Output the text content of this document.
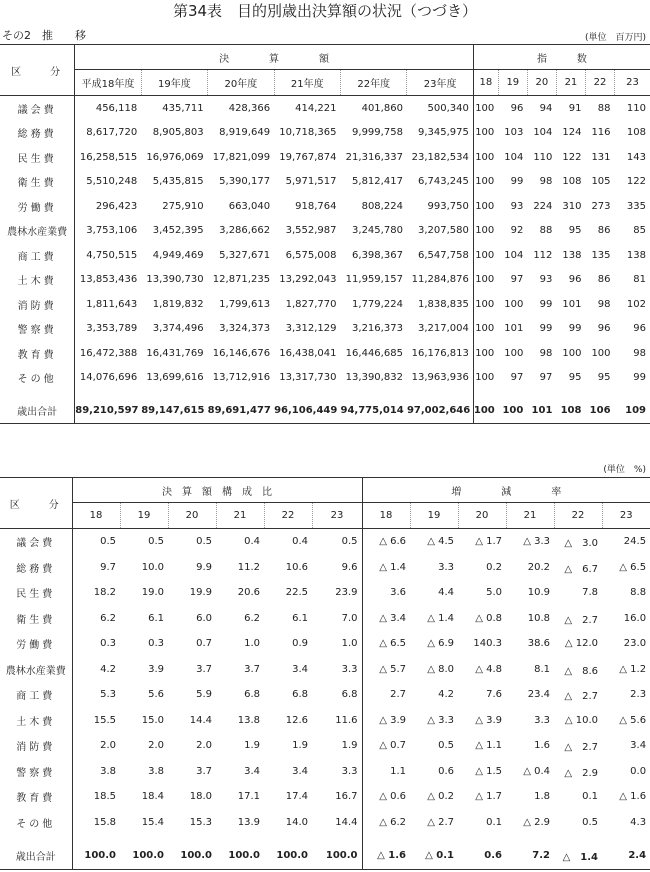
第34表　目的別歳出決算額の状況（つづき）
その2　推　　移	(単位　百万円)
区　　分	決　　　　算　　　　額						指　　　数					
	平成18年度	19年度	20年度	21年度	22年度	23年度	18	19	20	21	22	23
議会費	456,118	435,711	428,366	414,221	401,860	500,340	100	96	94	91	88	110
総務費	8,617,720	8,905,803	8,919,649	10,718,365	9,999,758	9,345,975	100	103	104	124	116	108
民生費	16,258,515	16,976,069	17,821,099	19,767,874	21,316,337	23,182,534	100	104	110	122	131	143
衛生費	5,510,248	5,435,815	5,390,177	5,971,517	5,812,417	6,743,245	100	99	98	108	105	122
労働費	296,423	275,910	663,040	918,764	808,224	993,750	100	93	224	310	273	335
農林水産業費	3,753,106	3,452,395	3,286,662	3,552,987	3,245,780	3,207,580	100	92	88	95	86	85
商工費	4,750,515	4,949,469	5,327,671	6,575,008	6,398,367	6,547,758	100	104	112	138	135	138
土木費	13,853,436	13,390,730	12,871,235	13,292,043	11,959,157	11,284,876	100	97	93	96	86	81
消防費	1,811,643	1,819,832	1,799,613	1,827,770	1,779,224	1,838,835	100	100	99	101	98	102
警察費	3,353,789	3,374,496	3,324,373	3,312,129	3,216,373	3,217,004	100	101	99	99	96	96
教育費	16,472,388	16,431,769	16,146,676	16,438,041	16,446,685	16,176,813	100	100	98	100	100	98
その他	14,076,696	13,699,616	13,712,916	13,317,730	13,390,832	13,963,936	100	97	97	95	95	99

歳出合計	89,210,597	89,147,615	89,691,477	96,106,449	94,775,014	97,002,646	100	100	101	108	106	109
(単位　%)
区　　分	決　算　額　構　成　比						増　　　　減　　　　率					
	18	19	20	21	22	23	18	19	20	21	22	23
議会費	0.5	0.5	0.5	0.4	0.4	0.5	△ 6.6	△ 4.5	△ 1.7	△ 3.3	△　3.0	24.5
総務費	9.7	10.0	9.9	11.2	10.6	9.6	△ 1.4	3.3	0.2	20.2	△　6.7	△ 6.5
民生費	18.2	19.0	19.9	20.6	22.5	23.9	3.6	4.4	5.0	10.9	7.8	8.8
衛生費	6.2	6.1	6.0	6.2	6.1	7.0	△ 3.4	△ 1.4	△ 0.8	10.8	△　2.7	16.0
労働費	0.3	0.3	0.7	1.0	0.9	1.0	△ 6.5	△ 6.9	140.3	38.6	△ 12.0	23.0
農林水産業費	4.2	3.9	3.7	3.7	3.4	3.3	△ 5.7	△ 8.0	△ 4.8	8.1	△　8.6	△ 1.2
商工費	5.3	5.6	5.9	6.8	6.8	6.8	2.7	4.2	7.6	23.4	△　2.7	2.3
土木費	15.5	15.0	14.4	13.8	12.6	11.6	△ 3.9	△ 3.3	△ 3.9	3.3	△ 10.0	△ 5.6
消防費	2.0	2.0	2.0	1.9	1.9	1.9	△ 0.7	0.5	△ 1.1	1.6	△　2.7	3.4
警察費	3.8	3.8	3.7	3.4	3.4	3.3	1.1	0.6	△ 1.5	△ 0.4	△　2.9	0.0
教育費	18.5	18.4	18.0	17.1	17.4	16.7	△ 0.6	△ 0.2	△ 1.7	1.8	0.1	△ 1.6
その他	15.8	15.4	15.3	13.9	14.0	14.4	△ 6.2	△ 2.7	0.1	△ 2.9	0.5	4.3

歳出合計	100.0	100.0	100.0	100.0	100.0	100.0	△ 1.6	△ 0.1	0.6	7.2	△　1.4	2.4
